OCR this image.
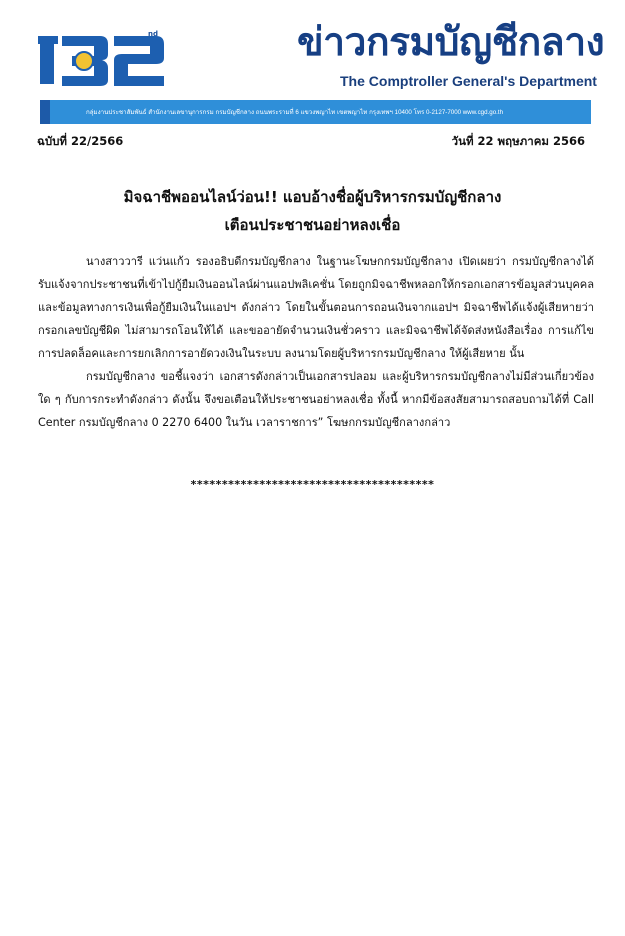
nd	ข่าวกรมบัญชีกลาง
The Comptroller General's Department
กลุ่มงานประชาสัมพันธ์ สำนักงานเลขานุการกรม กรมบัญชีกลาง ถนนพระรามที่ 6 แขวงพญาไท เขตพญาไท กรุงเทพฯ 10400 โทร 0-2127-7000 www.cgd.go.th
ฉบับที่ 22/2566	วันที่ 22 พฤษภาคม 2566
มิจฉาชีพออนไลน์ว่อน!! แอบอ้างชื่อผู้บริหารกรมบัญชีกลาง
เตือนประชาชนอย่าหลงเชื่อ
นางสาววารี แว่นแก้ว รองอธิบดีกรมบัญชีกลาง ในฐานะโฆษกกรมบัญชีกลาง เปิดเผยว่า กรมบัญชีกลางได้รับแจ้งจากประชาชนที่เข้าไปกู้ยืมเงินออนไลน์ผ่านแอปพลิเคชั่น โดยถูกมิจฉาชีพหลอกให้กรอกเอกสารข้อมูลส่วนบุคคลและข้อมูลทางการเงินเพื่อกู้ยืมเงินในแอปฯ ดังกล่าว โดยในขั้นตอนการถอนเงินจากแอปฯ มิจฉาชีพได้แจ้งผู้เสียหายว่ากรอกเลขบัญชีผิด ไม่สามารถโอนให้ได้ และขออายัดจำนวนเงินชั่วคราว และมิจฉาชีพได้จัดส่งหนังสือเรื่อง การแก้ไขการปลดล็อคและการยกเลิกการอายัดวงเงินในระบบ ลงนามโดยผู้บริหารกรมบัญชีกลาง ให้ผู้เสียหาย นั้น
กรมบัญชีกลาง ขอชี้แจงว่า เอกสารดังกล่าวเป็นเอกสารปลอม และผู้บริหารกรมบัญชีกลางไม่มีส่วนเกี่ยวข้องใด ๆ กับการกระทำดังกล่าว ดังนั้น จึงขอเตือนให้ประชาชนอย่าหลงเชื่อ ทั้งนี้ หากมีข้อสงสัยสามารถสอบถามได้ที่ Call Center กรมบัญชีกลาง 0 2270 6400 ในวัน เวลาราชการ” โฆษกกรมบัญชีกลางกล่าว
***************************************
